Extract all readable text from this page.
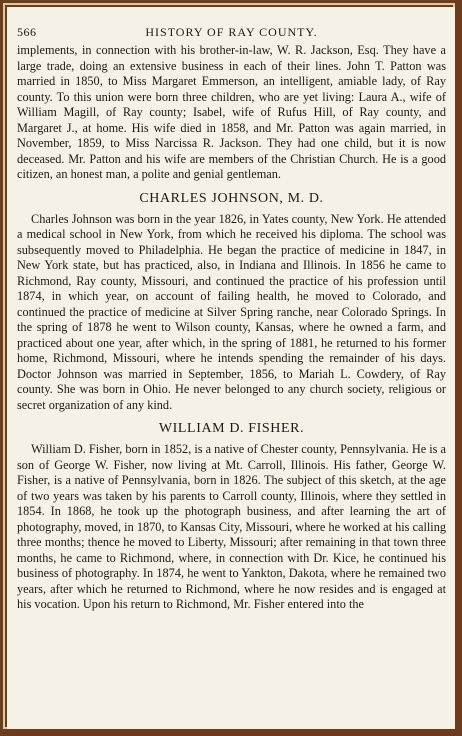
566	HISTORY OF RAY COUNTY.

implements, in connection with his brother-in-law, W. R. Jackson, Esq. They have a large trade, doing an extensive business in each of their lines. John T. Patton was married in 1850, to Miss Margaret Emmerson, an intelligent, amiable lady, of Ray county. To this union were born three children, who are yet living: Laura A., wife of William Magill, of Ray county; Isabel, wife of Rufus Hill, of Ray county, and Margaret J., at home. His wife died in 1858, and Mr. Patton was again married, in November, 1859, to Miss Narcissa R. Jackson. They had one child, but it is now deceased. Mr. Patton and his wife are members of the Christian Church. He is a good citizen, an honest man, a polite and genial gentleman.

CHARLES JOHNSON, M. D.

Charles Johnson was born in the year 1826, in Yates county, New York. He attended a medical school in New York, from which he received his diploma. The school was subsequently moved to Philadelphia. He began the practice of medicine in 1847, in New York state, but has practiced, also, in Indiana and Illinois. In 1856 he came to Richmond, Ray county, Missouri, and continued the practice of his profession until 1874, in which year, on account of failing health, he moved to Colorado, and continued the practice of medicine at Silver Spring ranche, near Colorado Springs. In the spring of 1878 he went to Wilson county, Kansas, where he owned a farm, and practiced about one year, after which, in the spring of 1881, he returned to his former home, Richmond, Missouri, where he intends spending the remainder of his days. Doctor Johnson was married in September, 1856, to Mariah L. Cowdery, of Ray county. She was born in Ohio. He never belonged to any church society, religious or secret organization of any kind.

WILLIAM D. FISHER.

William D. Fisher, born in 1852, is a native of Chester county, Pennsylvania. He is a son of George W. Fisher, now living at Mt. Carroll, Illinois. His father, George W. Fisher, is a native of Pennsylvania, born in 1826. The subject of this sketch, at the age of two years was taken by his parents to Carroll county, Illinois, where they settled in 1854. In 1868, he took up the photograph business, and after learning the art of photography, moved, in 1870, to Kansas City, Missouri, where he worked at his calling three months; thence he moved to Liberty, Missouri; after remaining in that town three months, he came to Richmond, where, in connection with Dr. Kice, he continued his business of photography. In 1874, he went to Yankton, Dakota, where he remained two years, after which he returned to Richmond, where he now resides and is engaged at his vocation. Upon his return to Richmond, Mr. Fisher entered into the
